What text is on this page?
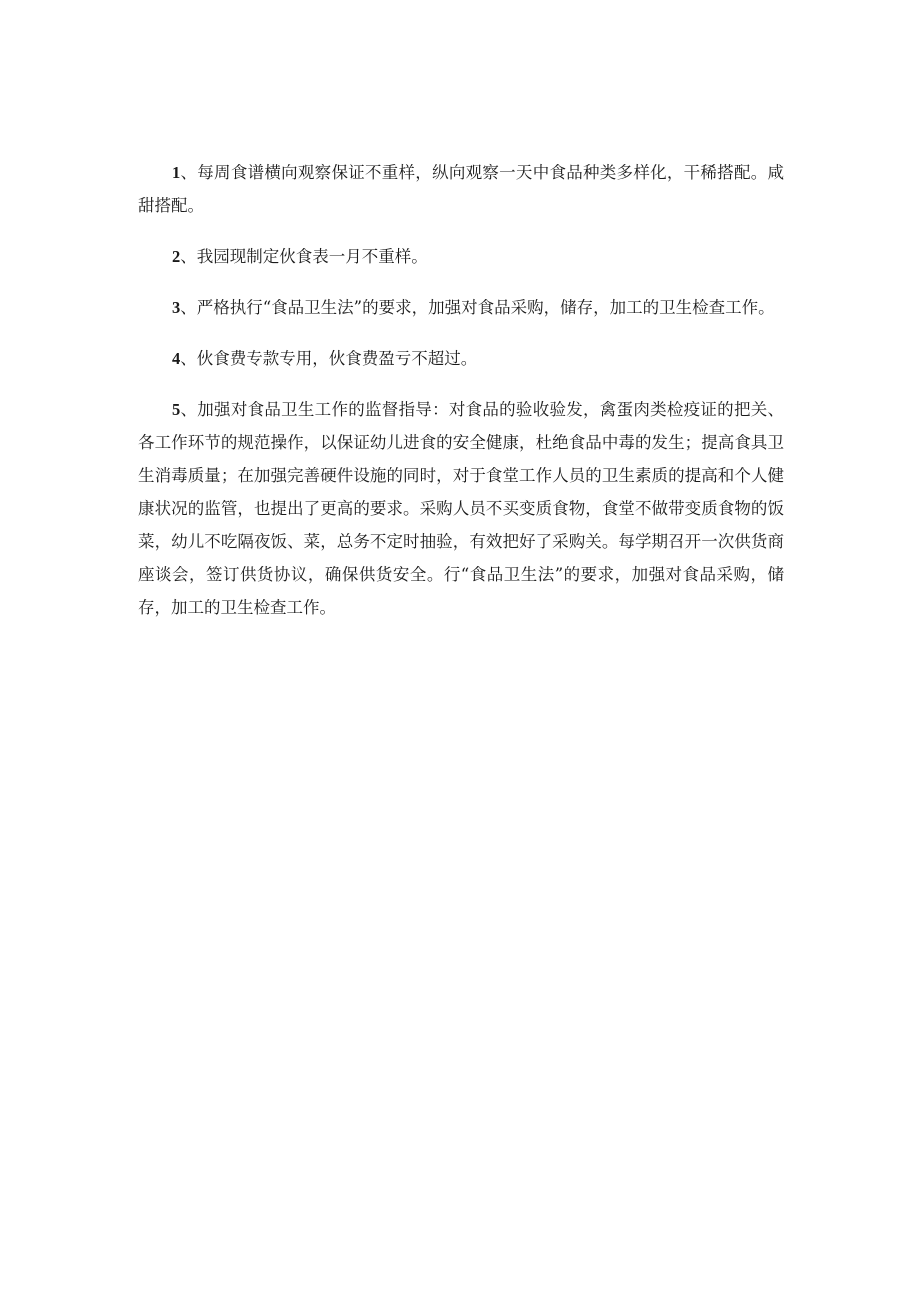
1、每周食谱横向观察保证不重样，纵向观察一天中食品种类多样化，干稀搭配。咸甜搭配。

2、我园现制定伙食表一月不重样。

3、严格执行“食品卫生法”的要求，加强对食品采购，储存，加工的卫生检查工作。

4、伙食费专款专用，伙食费盈亏不超过。

5、加强对食品卫生工作的监督指导：对食品的验收验发，禽蛋肉类检疫证的把关、各工作环节的规范操作，以保证幼儿进食的安全健康，杜绝食品中毒的发生；提高食具卫生消毒质量；在加强完善硬件设施的同时，对于食堂工作人员的卫生素质的提高和个人健康状况的监管，也提出了更高的要求。采购人员不买变质食物，食堂不做带变质食物的饭菜，幼儿不吃隔夜饭、菜，总务不定时抽验，有效把好了采购关。每学期召开一次供货商座谈会，签订供货协议，确保供货安全。行“食品卫生法”的要求，加强对食品采购，储存，加工的卫生检查工作。
